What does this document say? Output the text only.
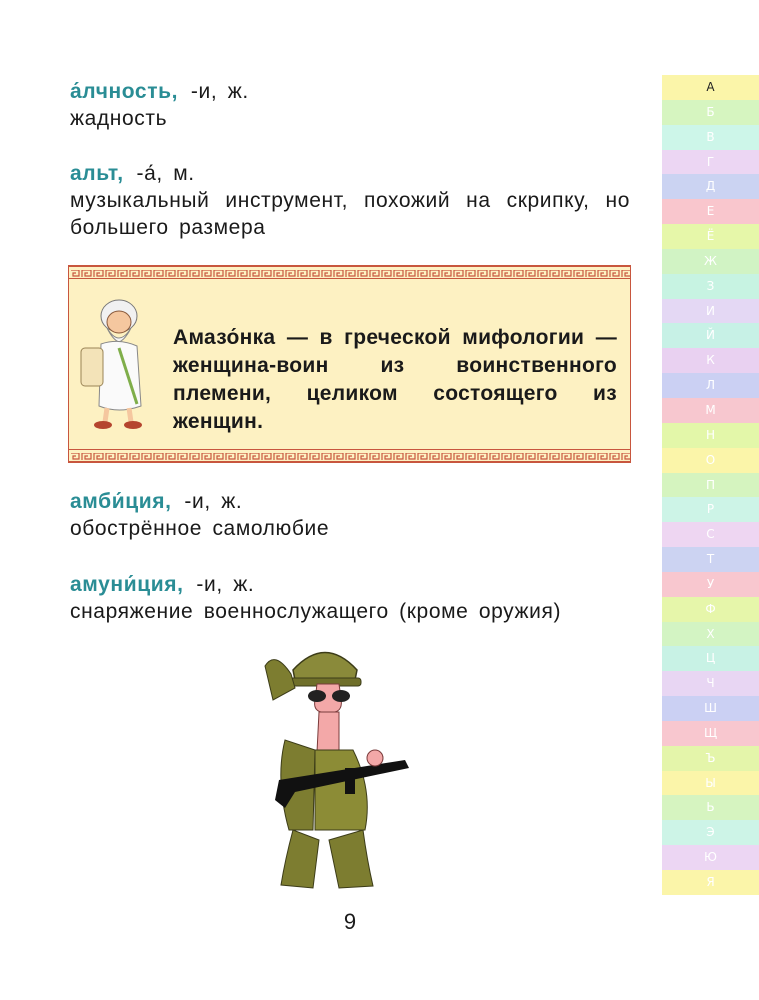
а́лчность, -и, ж.
жадность
альт, -а́, м.
музыкальный инструмент, похожий на скрипку, но большего размера
Амазо́нка — в греческой мифологии — женщина-воин из воинственного племени, целиком состоящего из женщин.
амби́ция, -и, ж.
обострённое самолюбие
амуни́ция, -и, ж.
снаряжение военнослужащего (кроме оружия)
9
А
Б
В
Г
Д
Е
Ё
Ж
З
И
Й
К
Л
М
Н
О
П
Р
С
Т
У
Ф
Х
Ц
Ч
Ш
Щ
Ъ
Ы
Ь
Э
Ю
Я
